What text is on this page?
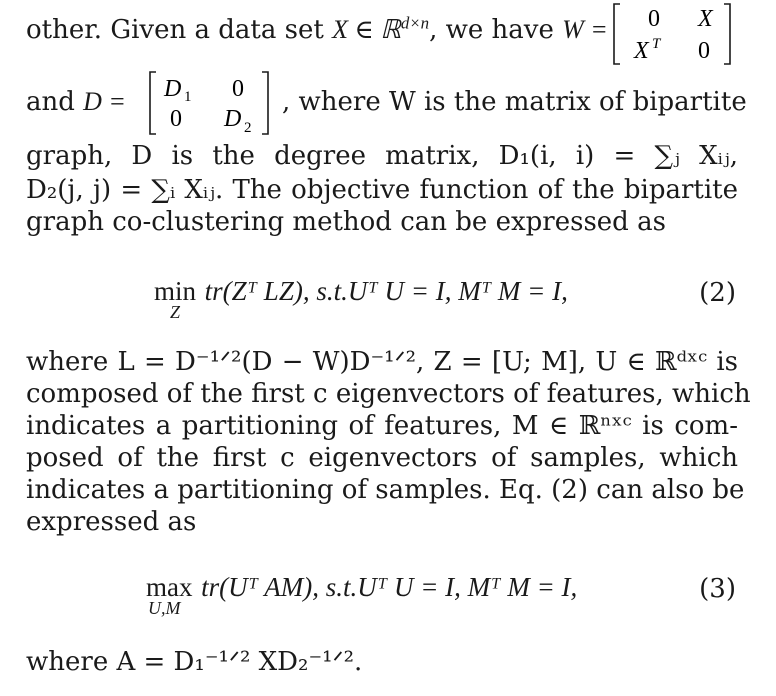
other. Given a data set X ∈ ℝ$^{d\times n}$, we have W =	0 X
X T 0
and D = D 1 0
0 D 2
, where W is the matrix of bipartite
graph, D is the degree matrix, D₁(i, i) = ∑ⱼ Xᵢⱼ,
D₂(j, j) = ∑ᵢ Xᵢⱼ. The objective function of the bipartite
graph co-clustering method can be expressed as
min tr(Zᵀ LZ), s.t.Uᵀ U = I, Mᵀ M = I,
Z
(2)
where L = D⁻¹ᐟ²(D − W)D⁻¹ᐟ², Z = [U; M], U ∈ ℝᵈˣᶜ is
composed of the first c eigenvectors of features, which
indicates a partitioning of features, M ∈ ℝⁿˣᶜ is com-
posed of the first c eigenvectors of samples, which
indicates a partitioning of samples. Eq. (2) can also be
expressed as
max tr(Uᵀ AM), s.t.Uᵀ U = I, Mᵀ M = I,
U,M
(3)
where A = D₁⁻¹ᐟ² XD₂⁻¹ᐟ².
